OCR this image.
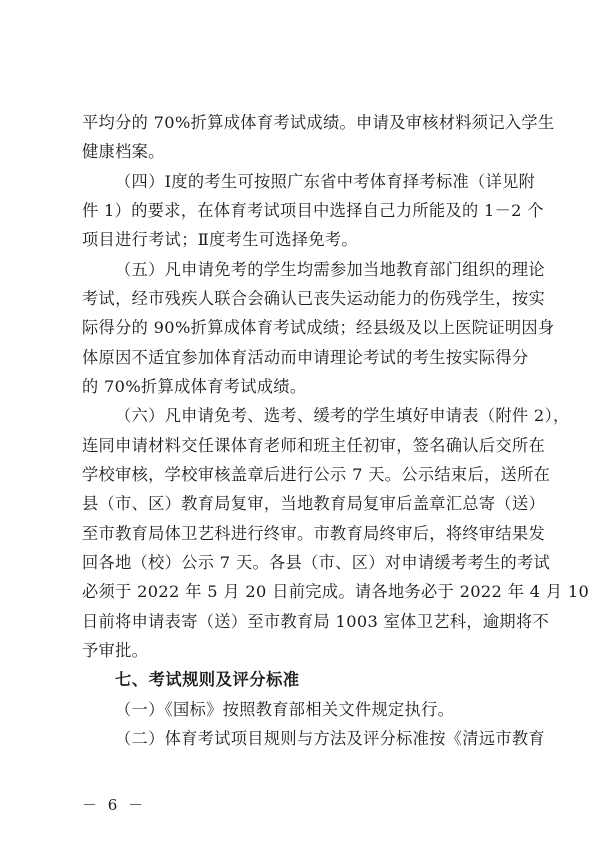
平均分的 70%折算成体育考试成绩。申请及审核材料须记入学生
健康档案。
（四）Ⅰ度的考生可按照广东省中考体育择考标准（详见附
件 1）的要求，在体育考试项目中选择自己力所能及的 1－2 个
项目进行考试；Ⅱ度考生可选择免考。
（五）凡申请免考的学生均需参加当地教育部门组织的理论
考试，经市残疾人联合会确认已丧失运动能力的伤残学生，按实
际得分的 90%折算成体育考试成绩；经县级及以上医院证明因身
体原因不适宜参加体育活动而申请理论考试的考生按实际得分
的 70%折算成体育考试成绩。
（六）凡申请免考、选考、缓考的学生填好申请表（附件 2），
连同申请材料交任课体育老师和班主任初审，签名确认后交所在
学校审核，学校审核盖章后进行公示 7 天。公示结束后，送所在
县（市、区）教育局复审，当地教育局复审后盖章汇总寄（送）
至市教育局体卫艺科进行终审。市教育局终审后，将终审结果发
回各地（校）公示 7 天。各县（市、区）对申请缓考考生的考试
必须于 2022 年 5 月 20 日前完成。请各地务必于 2022 年 4 月 10
日前将申请表寄（送）至市教育局 1003 室体卫艺科，逾期将不
予审批。
七、考试规则及评分标准
（一）《国标》按照教育部相关文件规定执行。
（二）体育考试项目规则与方法及评分标准按《清远市教育
－ 6 －
